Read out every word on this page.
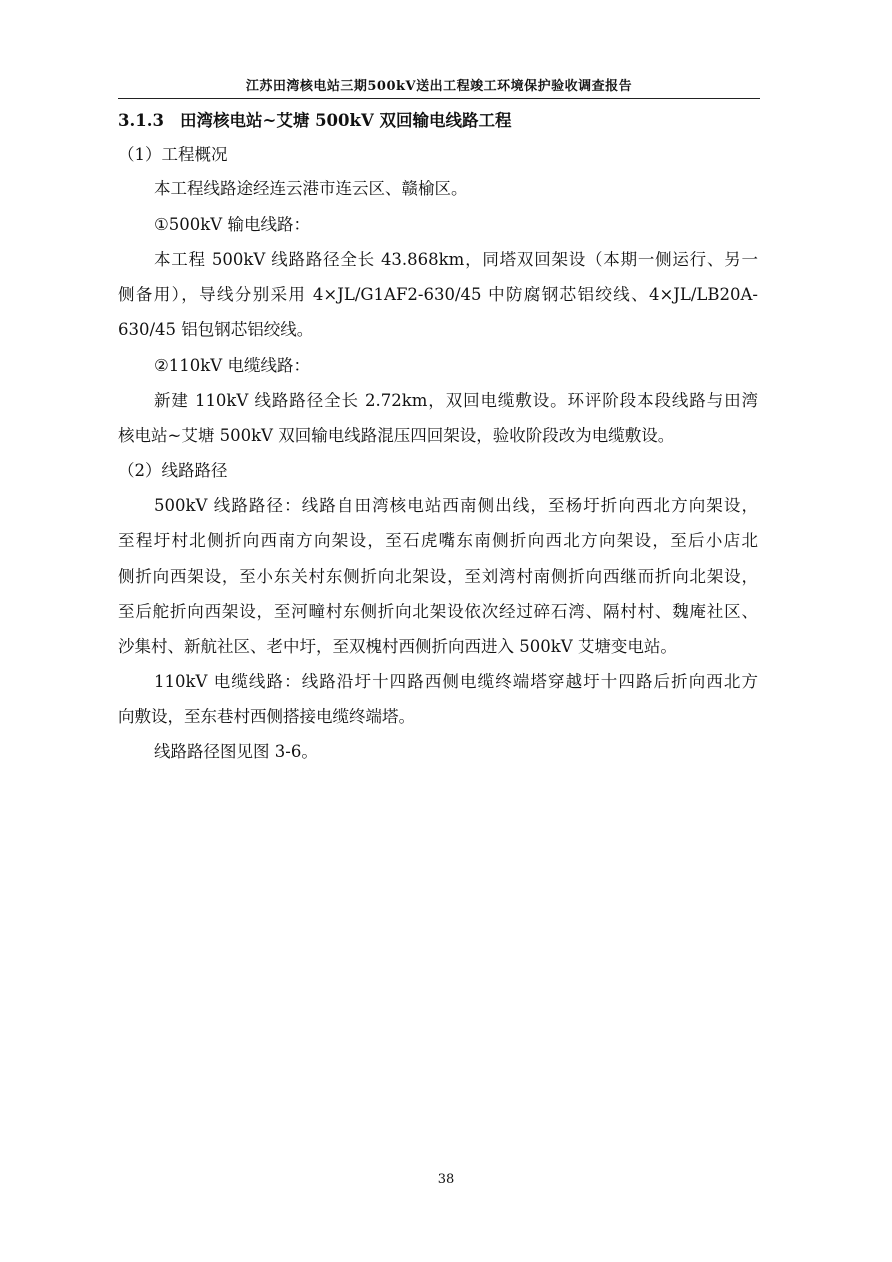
江苏田湾核电站三期500kV送出工程竣工环境保护验收调查报告
3.1.3 田湾核电站~艾塘 500kV 双回输电线路工程
（1）工程概况
本工程线路途经连云港市连云区、赣榆区。
①500kV 输电线路：
本工程 500kV 线路路径全长 43.868km，同塔双回架设（本期一侧运行、另一
侧备用），导线分别采用 4×JL/G1AF2-630/45 中防腐钢芯铝绞线、4×JL/LB20A-
630/45 铝包钢芯铝绞线。
②110kV 电缆线路：
新建 110kV 线路路径全长 2.72km，双回电缆敷设。环评阶段本段线路与田湾
核电站~艾塘 500kV 双回输电线路混压四回架设，验收阶段改为电缆敷设。
（2）线路路径
500kV 线路路径：线路自田湾核电站西南侧出线，至杨圩折向西北方向架设，
至程圩村北侧折向西南方向架设，至石虎嘴东南侧折向西北方向架设，至后小店北
侧折向西架设，至小东关村东侧折向北架设，至刘湾村南侧折向西继而折向北架设，
至后舵折向西架设，至河疃村东侧折向北架设依次经过碎石湾、隔村村、魏庵社区、
沙集村、新航社区、老中圩，至双槐村西侧折向西进入 500kV 艾塘变电站。
110kV 电缆线路：线路沿圩十四路西侧电缆终端塔穿越圩十四路后折向西北方
向敷设，至东巷村西侧搭接电缆终端塔。
线路路径图见图 3-6。
38
